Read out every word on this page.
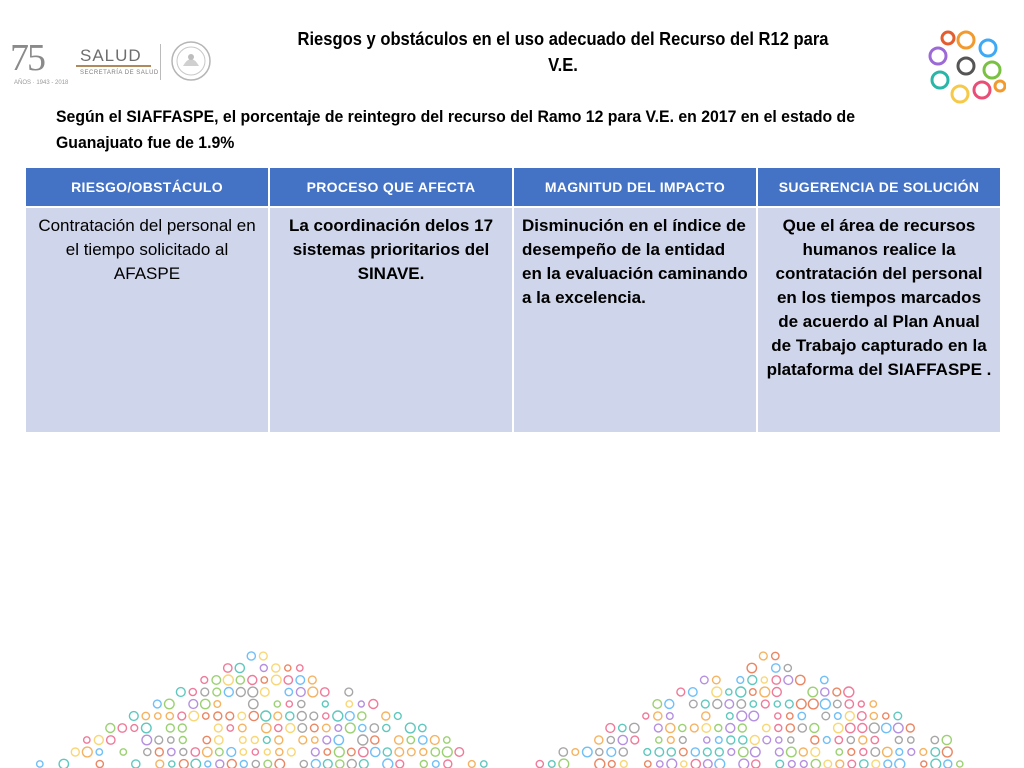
75
AÑOS · 1943 - 2018
SALUD
SECRETARÍA DE SALUD
Riesgos y obstáculos en el uso adecuado del Recurso del R12 para V.E.
Según el SIAFFASPE, el porcentaje de reintegro del recurso del Ramo 12 para V.E. en 2017 en el estado de Guanajuato fue de 1.9%
RIESGO/OBSTÁCULO	PROCESO QUE AFECTA	MAGNITUD DEL IMPACTO	SUGERENCIA DE SOLUCIÓN
Contratación del personal en el tiempo solicitado al AFASPE	La coordinación delos 17 sistemas prioritarios del SINAVE.	Disminución en el índice de desempeño de la entidad en la evaluación caminando a la excelencia.	Que el área de recursos humanos realice la contratación del personal en los tiempos marcados de acuerdo al Plan Anual de Trabajo capturado en la plataforma del SIAFFASPE .
